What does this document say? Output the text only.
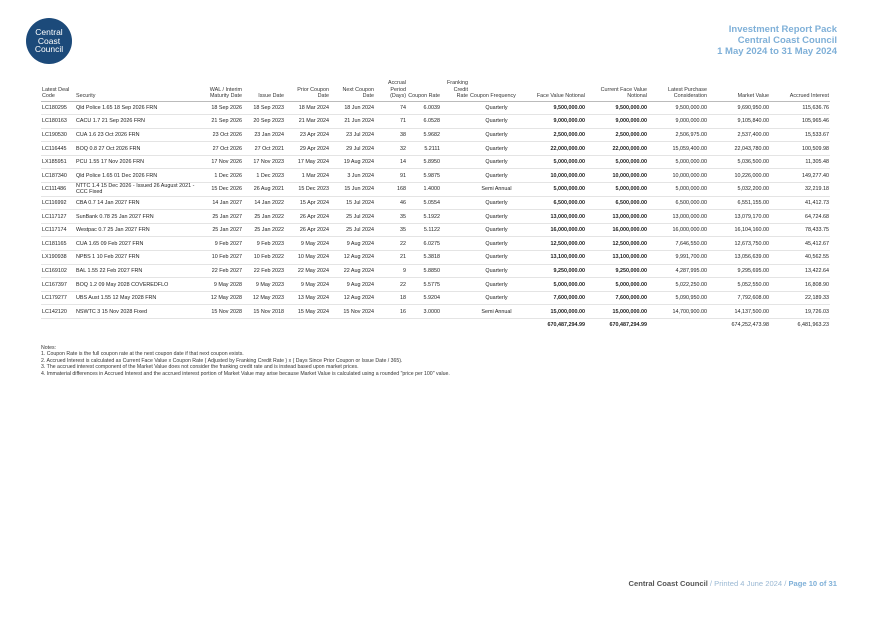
Central
Coast
Council
Investment Report Pack
Central Coast Council
1 May 2024 to 31 May 2024
Latest Deal Code	Security	WAL / Interim Maturity Date	Issue Date	Prior Coupon Date	Next Coupon Date	Accrual Period (Days)	Coupon Rate	Franking Credit Rate	Coupon Frequency	Face Value Notional	Current Face Value Notional	Latest Purchase Consideration	Market Value	Accrued Interest
LC180295	Qld Police 1.65 18 Sep 2026 FRN	18 Sep 2026	18 Sep 2023	18 Mar 2024	18 Jun 2024	74	6.0039		Quarterly	9,500,000.00	9,500,000.00	9,500,000.00	9,690,950.00	115,636.76
LC180163	CACU 1.7 21 Sep 2026 FRN	21 Sep 2026	20 Sep 2023	21 Mar 2024	21 Jun 2024	71	6.0528		Quarterly	9,000,000.00	9,000,000.00	9,000,000.00	9,105,840.00	105,965.46
LC190530	CUA 1.6 23 Oct 2026 FRN	23 Oct 2026	23 Jan 2024	23 Apr 2024	23 Jul 2024	38	5.9682		Quarterly	2,500,000.00	2,500,000.00	2,506,975.00	2,537,400.00	15,533.67
LC116445	BOQ 0.8 27 Oct 2026 FRN	27 Oct 2026	27 Oct 2021	29 Apr 2024	29 Jul 2024	32	5.2111		Quarterly	22,000,000.00	22,000,000.00	15,059,400.00	22,043,780.00	100,509.98
LX185951	PCU 1.55 17 Nov 2026 FRN	17 Nov 2026	17 Nov 2023	17 May 2024	19 Aug 2024	14	5.8950		Quarterly	5,000,000.00	5,000,000.00	5,000,000.00	5,036,500.00	11,305.48
LC187340	Qld Police 1.65 01 Dec 2026 FRN	1 Dec 2026	1 Dec 2023	1 Mar 2024	3 Jun 2024	91	5.9875		Quarterly	10,000,000.00	10,000,000.00	10,000,000.00	10,226,000.00	149,277.40
LC111486	NTTC 1.4 15 Dec 2026 - Issued 26 August 2021 - CCC Fixed	15 Dec 2026	26 Aug 2021	15 Dec 2023	15 Jun 2024	168	1.4000		Semi Annual	5,000,000.00	5,000,000.00	5,000,000.00	5,032,200.00	32,219.18
LC116992	CBA 0.7 14 Jan 2027 FRN	14 Jan 2027	14 Jan 2022	15 Apr 2024	15 Jul 2024	46	5.0554		Quarterly	6,500,000.00	6,500,000.00	6,500,000.00	6,551,155.00	41,412.73
LC117127	SunBank 0.78 25 Jan 2027 FRN	25 Jan 2027	25 Jan 2022	26 Apr 2024	25 Jul 2024	35	5.1922		Quarterly	13,000,000.00	13,000,000.00	13,000,000.00	13,079,170.00	64,724.68
LC117174	Westpac 0.7 25 Jan 2027 FRN	25 Jan 2027	25 Jan 2022	26 Apr 2024	25 Jul 2024	35	5.1122		Quarterly	16,000,000.00	16,000,000.00	16,000,000.00	16,104,160.00	78,433.75
LC181165	CUA 1.65 09 Feb 2027 FRN	9 Feb 2027	9 Feb 2023	9 May 2024	9 Aug 2024	22	6.0275		Quarterly	12,500,000.00	12,500,000.00	7,646,550.00	12,673,750.00	45,412.67
LX190938	NPBS 1 10 Feb 2027 FRN	10 Feb 2027	10 Feb 2022	10 May 2024	12 Aug 2024	21	5.3818		Quarterly	13,100,000.00	13,100,000.00	9,991,700.00	13,056,639.00	40,562.55
LC169102	BAL 1.55 22 Feb 2027 FRN	22 Feb 2027	22 Feb 2023	22 May 2024	22 Aug 2024	9	5.8850		Quarterly	9,250,000.00	9,250,000.00	4,287,995.00	9,295,695.00	13,422.64
LC167397	BOQ 1.2 09 May 2028 COVEREDFLO	9 May 2028	9 May 2023	9 May 2024	9 Aug 2024	22	5.5775		Quarterly	5,000,000.00	5,000,000.00	5,022,250.00	5,052,550.00	16,808.90
LC179277	UBS Aust 1.55 12 May 2028 FRN	12 May 2028	12 May 2023	13 May 2024	12 Aug 2024	18	5.9204		Quarterly	7,600,000.00	7,600,000.00	5,090,950.00	7,792,608.00	22,189.33
LC142120	NSWTC 3 15 Nov 2028 Fixed	15 Nov 2028	15 Nov 2018	15 May 2024	15 Nov 2024	16	3.0000		Semi Annual	15,000,000.00	15,000,000.00	14,700,900.00	14,137,500.00	19,726.03
										670,487,294.99	670,487,294.99		674,252,473.98	6,481,963.23
Notes:
1. Coupon Rate is the full coupon rate at the next coupon date if that next coupon exists.
2. Accrued Interest is calculated as Current Face Value x Coupon Rate ( Adjusted by Franking Credit Rate ) x ( Days Since Prior Coupon or Issue Date / 365).
3. The accrued interest component of the Market Value does not consider the franking credit rate and is instead based upon market prices.
4. Immaterial differences in Accrued Interest and the accrued interest portion of Market Value may arise because Market Value is calculated using a rounded "price per 100" value.
Central Coast Council / Printed 4 June 2024 / Page 10 of 31
